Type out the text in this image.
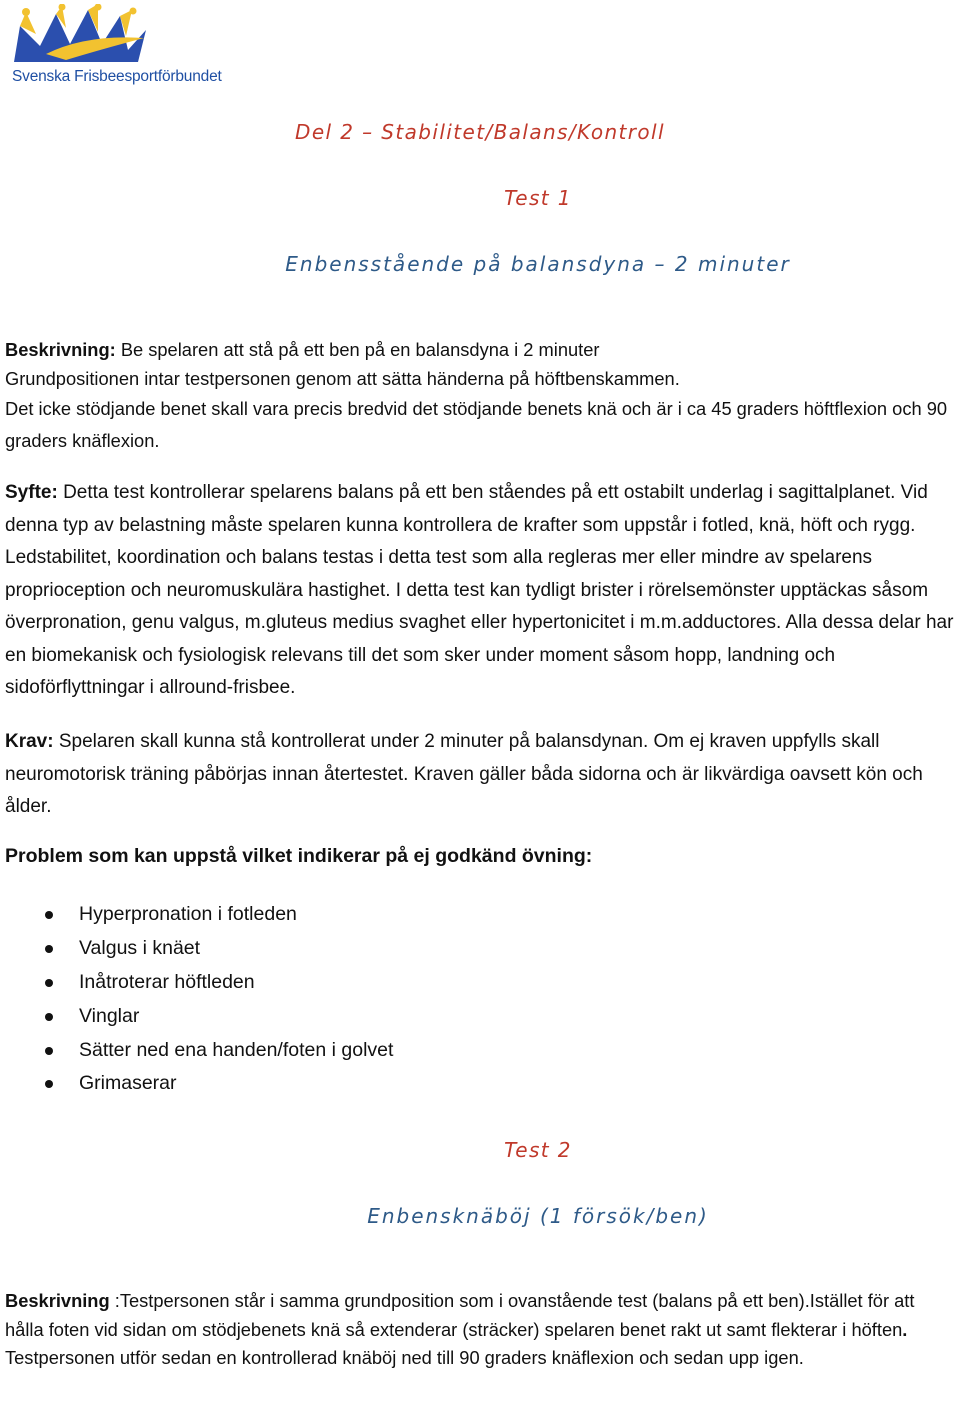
Svenska Frisbeesportförbundet
Del 2 – Stabilitet/Balans/Kontroll
Test 1
Enbensstående på balansdyna – 2 minuter
Beskrivning: Be spelaren att stå på ett ben på en balansdyna i 2 minuter
Grundpositionen intar testpersonen genom att sätta händerna på höftbenskammen.
Det icke stödjande benet skall vara precis bredvid det stödjande benets knä och är i ca 45 graders höftflexion och 90 graders knäflexion.
Syfte: Detta test kontrollerar spelarens balans på ett ben ståendes på ett ostabilt underlag i sagittalplanet. Vid denna typ av belastning måste spelaren kunna kontrollera de krafter som uppstår i fotled, knä, höft och rygg. Ledstabilitet, koordination och balans testas i detta test som alla regleras mer eller mindre av spelarens proprioception och neuromuskulära hastighet. I detta test kan tydligt brister i rörelsemönster upptäckas såsom överpronation, genu valgus, m.gluteus medius svaghet eller hypertonicitet i m.m.adductores. Alla dessa delar har en biomekanisk och fysiologisk relevans till det som sker under moment såsom hopp, landning och sidoförflyttningar i allround-frisbee.
Krav: Spelaren skall kunna stå kontrollerat under 2 minuter på balansdynan. Om ej kraven uppfylls skall neuromotorisk träning påbörjas innan återtestet. Kraven gäller båda sidorna och är likvärdiga oavsett kön och ålder.
Problem som kan uppstå vilket indikerar på ej godkänd övning:
Hyperpronation i fotleden
Valgus i knäet
Inåtroterar höftleden
Vinglar
Sätter ned ena handen/foten i golvet
Grimaserar
Test 2
Enbensknäböj (1 försök/ben)
Beskrivning :Testpersonen står i samma grundposition som i ovanstående test (balans på ett ben).Istället för att hålla foten vid sidan om stödjebenets knä så extenderar (sträcker) spelaren benet rakt ut samt flekterar i höften. Testpersonen utför sedan en kontrollerad knäböj ned till 90 graders knäflexion och sedan upp igen.
